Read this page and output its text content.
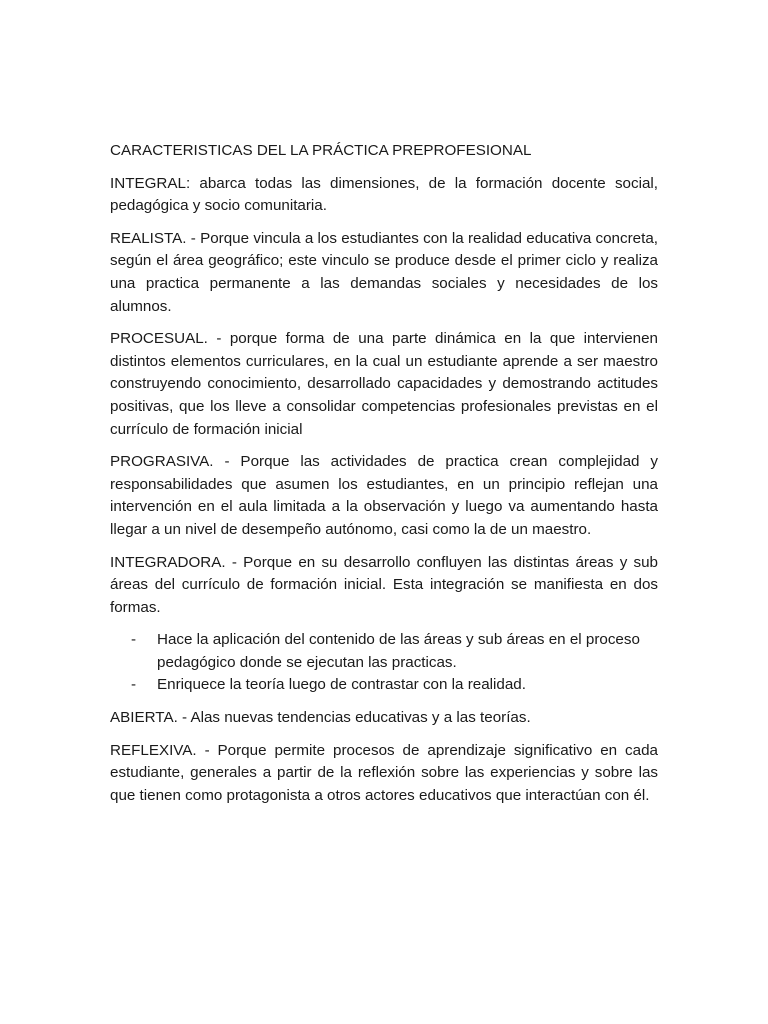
CARACTERISTICAS DEL LA PRÁCTICA PREPROFESIONAL

INTEGRAL: abarca todas las dimensiones, de la formación docente social, pedagógica y socio comunitaria.

REALISTA. - Porque vincula a los estudiantes con la realidad educativa concreta, según el área geográfico; este vinculo se produce desde el primer ciclo y realiza una practica permanente a las demandas sociales y necesidades de los alumnos.

PROCESUAL. - porque forma de una parte dinámica en la que intervienen distintos elementos curriculares, en la cual un estudiante aprende a ser maestro construyendo conocimiento, desarrollado capacidades y demostrando actitudes positivas, que los lleve a consolidar competencias profesionales previstas en el currículo de formación inicial

PROGRASIVA. - Porque las actividades de practica crean complejidad y responsabilidades que asumen los estudiantes, en un principio reflejan una intervención en el aula limitada a la observación y luego va aumentando hasta llegar a un nivel de desempeño autónomo, casi como la de un maestro.

INTEGRADORA. - Porque en su desarrollo confluyen las distintas áreas y sub áreas del currículo de formación inicial. Esta integración se manifiesta en dos formas.

- Hace la aplicación del contenido de las áreas y sub áreas en el proceso pedagógico donde se ejecutan las practicas.
- Enriquece la teoría luego de contrastar con la realidad.

ABIERTA. - Alas nuevas tendencias educativas y a las teorías.

REFLEXIVA. - Porque permite procesos de aprendizaje significativo en cada estudiante, generales a partir de la reflexión sobre las experiencias y sobre las que tienen como protagonista a otros actores educativos que interactúan con él.
